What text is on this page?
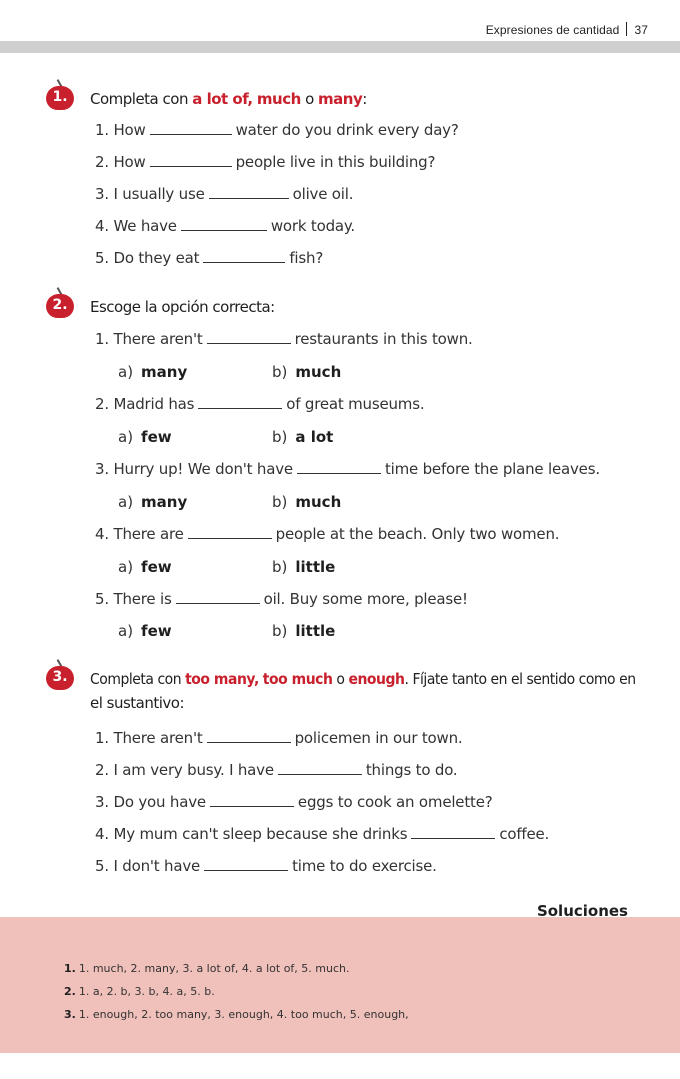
Expresiones de cantidad 37
1.	Completa con a lot of, much o many:
1. How	water do you drink every day?
2. How	people live in this building?
3. I usually use	olive oil.
4. We have	work today.
5. Do they eat	fish?
2.	Escoge la opción correcta:
1. There aren't	restaurants in this town.
a) many	b) much
2. Madrid has	of great museums.
a) few	b) a lot
3. Hurry up! We don't have	time before the plane leaves.
a) many	b) much
4. There are	people at the beach. Only two women.
a) few	b) little
5. There is	oil. Buy some more, please!
a) few	b) little
3.	Completa con too many, too much o enough. Fíjate tanto en el sentido como en
el sustantivo:
1. There aren't	policemen in our town.
2. I am very busy. I have	things to do.
3. Do you have	eggs to cook an omelette?
4. My mum can't sleep because she drinks	coffee.
5. I don't have	time to do exercise.
Soluciones
1. 1. much, 2. many, 3. a lot of, 4. a lot of, 5. much.
2. 1. a, 2. b, 3. b, 4. a, 5. b.
3. 1. enough, 2. too many, 3. enough, 4. too much, 5. enough,
